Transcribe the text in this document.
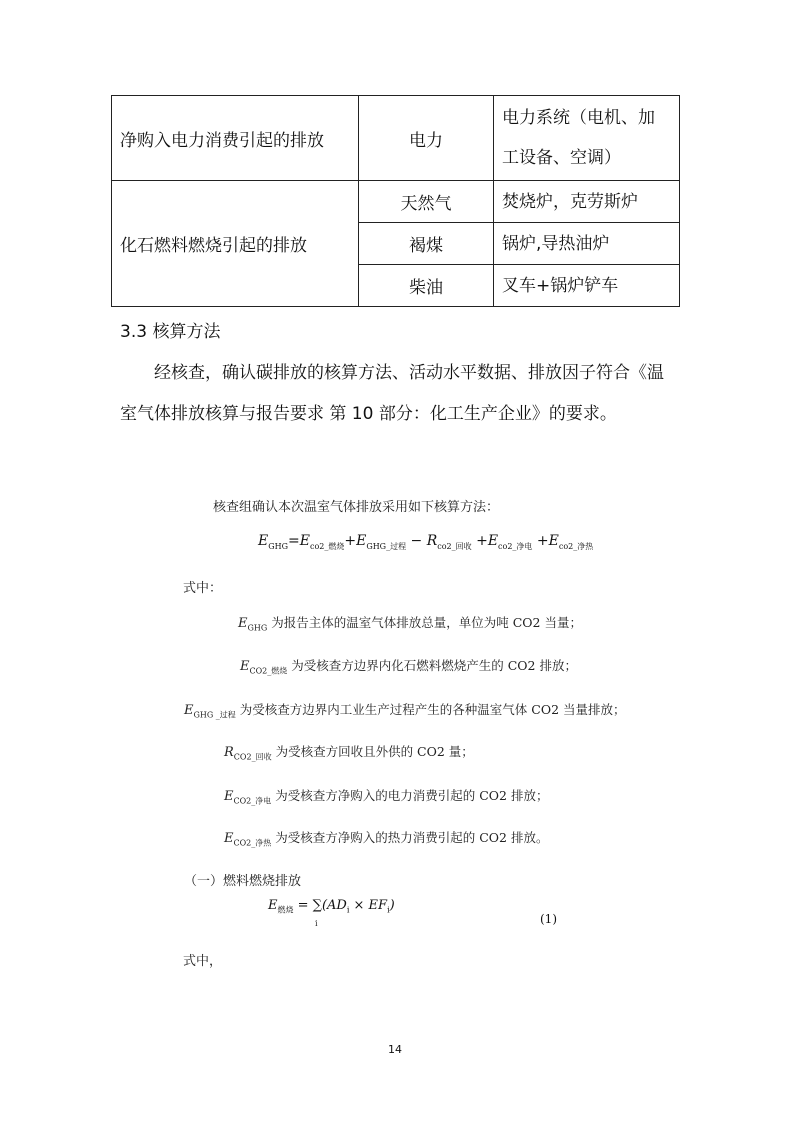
净购入电力消费引起的排放	电力	电力系统（电机、加工设备、空调）
化石燃料燃烧引起的排放	天然气	焚烧炉，克劳斯炉
	褐煤	锅炉,导热油炉
	柴油	叉车+锅炉铲车
3.3 核算方法
经核查，确认碳排放的核算方法、活动水平数据、排放因子符合《温室气体排放核算与报告要求 第 10 部分：化工生产企业》的要求。
核查组确认本次温室气体排放采用如下核算方法：
$E_{GHG}=E_{co2\_燃烧}+E_{GHG\_过程} - R_{co2\_回收} +E_{co2\_净电} +E_{co2\_净热}$
式中：
$E_{GHG}$ 为报告主体的温室气体排放总量，单位为吨 CO2 当量；
$E_{CO2\_燃烧}$ 为受核查方边界内化石燃料燃烧产生的 CO2 排放；
$E_{GHG \_过程}$ 为受核查方边界内工业生产过程产生的各种温室气体 CO2 当量排放；
$R_{CO2\_回收}$ 为受核查方回收且外供的 CO2 量；
$E_{CO2\_净电}$ 为受核查方净购入的电力消费引起的 CO2 排放；
$E_{CO2\_净热}$ 为受核查方净购入的热力消费引起的 CO2 排放。
（一）燃料燃烧排放
$E_{燃烧} = \sum(AD_i \times EF_i)$
i	(1)
式中，
14
